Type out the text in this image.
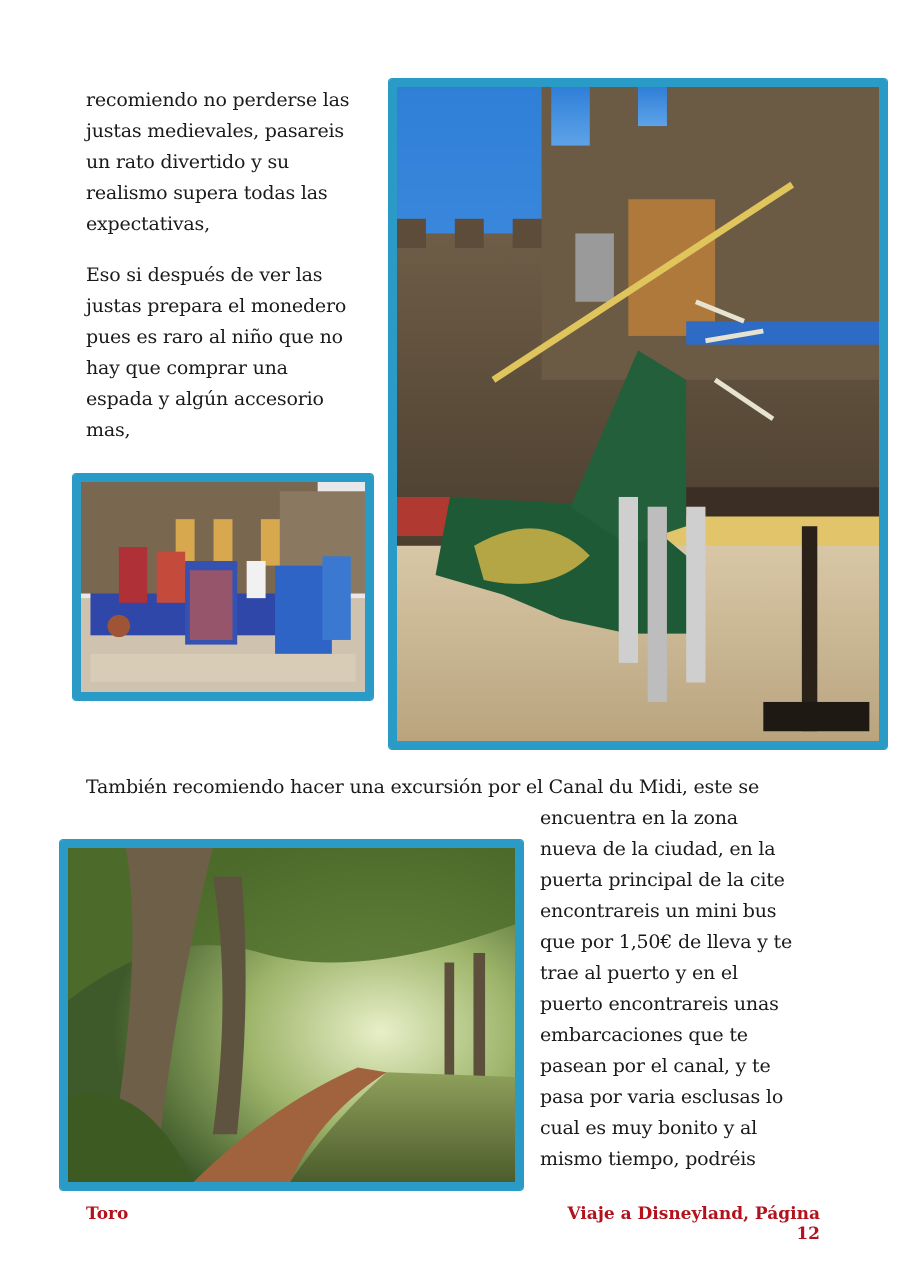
recomiendo no perderse las
justas medievales, pasareis
un rato divertido y su
realismo supera todas las
expectativas,
Eso si después de ver las
justas prepara el monedero
pues es raro al niño que no
hay que comprar una
espada y algún accesorio
mas,
También recomiendo hacer una excursión por el Canal du Midi, este se
encuentra en la zona
nueva de la ciudad, en la
puerta principal de la cite
encontrareis un mini bus
que por 1,50€ de lleva y te
trae al puerto y en el
puerto encontrareis unas
embarcaciones que te
pasean por el canal, y te
pasa por varia esclusas lo
cual es muy bonito y al
mismo tiempo, podréis
Toro	Viaje a Disneyland, Página 12
